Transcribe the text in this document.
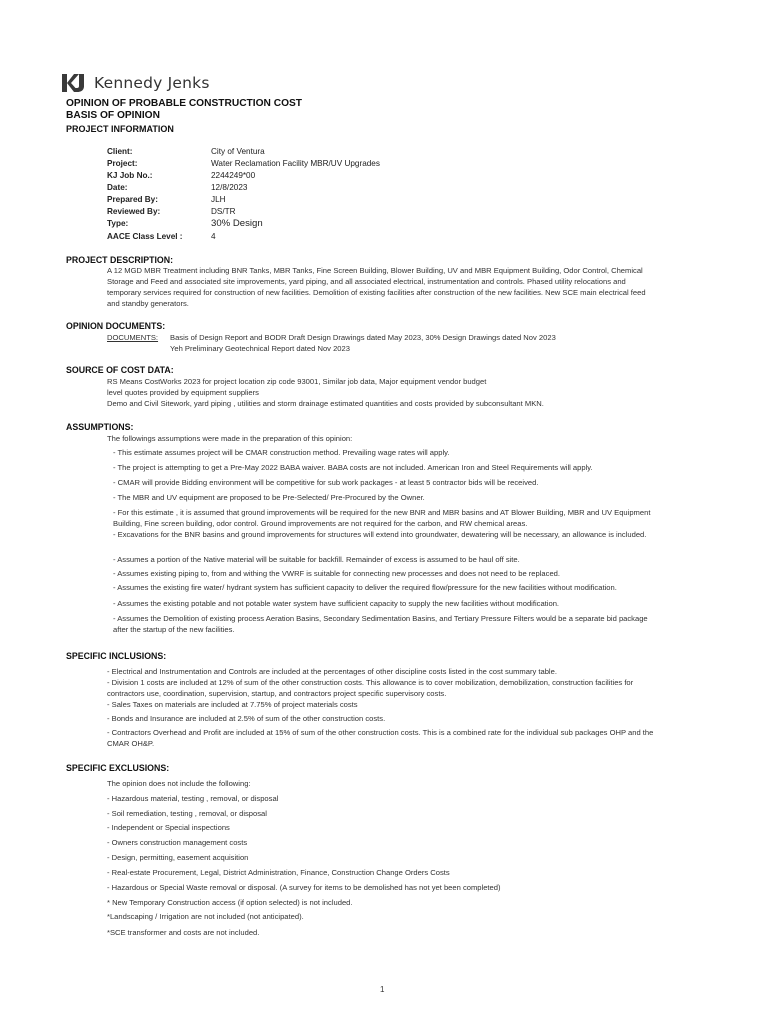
Kennedy Jenks
OPINION OF PROBABLE CONSTRUCTION COST
BASIS OF OPINION
PROJECT INFORMATION
Client:	City of Ventura
Project:	Water Reclamation Facility MBR/UV Upgrades
KJ Job No.:	2244249*00
Date:	12/8/2023
Prepared By:	JLH
Reviewed By:	DS/TR
Type:	30% Design
AACE Class Level :	4
PROJECT DESCRIPTION:
A 12 MGD MBR Treatment including BNR Tanks, MBR Tanks, Fine Screen Building, Blower Building, UV and MBR Equipment Building, Odor Control, Chemical
Storage and Feed and associated site improvements, yard piping, and all associated electrical, instrumentation and controls. Phased utility relocations and
temporary services required for construction of new facilities. Demolition of existing facilities after construction of the new facilities. New SCE main electrical feed
and standby generators.
OPINION DOCUMENTS:
DOCUMENTS: Basis of Design Report and BODR Draft Design Drawings dated May 2023, 30% Design Drawings dated Nov 2023
Yeh Preliminary Geotechnical Report dated Nov 2023
SOURCE OF COST DATA:
RS Means CostWorks 2023 for project location zip code 93001, Similar job data, Major equipment vendor budget
level quotes provided by equipment suppliers
Demo and Civil Sitework, yard piping , utilities and storm drainage estimated quantities and costs provided by subconsultant MKN.
ASSUMPTIONS:
The followings assumptions were made in the preparation of this opinion:
- This estimate assumes project will be CMAR construction method. Prevailing wage rates will apply.
- The project is attempting to get a Pre-May 2022 BABA waiver. BABA costs are not included. American Iron and Steel Requirements will apply.
- CMAR will provide Bidding environment will be competitive for sub work packages - at least 5 contractor bids will be received.
- The MBR and UV equipment are proposed to be Pre-Selected/ Pre-Procured by the Owner.
- For this estimate , it is assumed that ground improvements will be required for the new BNR and MBR basins and AT Blower Building, MBR and UV Equipment
Building, Fine screen building, odor control. Ground improvements are not required for the carbon, and RW chemical areas.
- Excavations for the BNR basins and ground improvements for structures will extend into groundwater, dewatering will be necessary, an allowance is included.
- Assumes a portion of the Native material will be suitable for backfill. Remainder of excess is assumed to be haul off site.
- Assumes existing piping to, from and withing the VWRF is suitable for connecting new processes and does not need to be replaced.
- Assumes the existing fire water/ hydrant system has sufficient capacity to deliver the required flow/pressure for the new facilities without modification.
- Assumes the existing potable and not potable water system have sufficient capacity to supply the new facilities without modification.
- Assumes the Demolition of existing process Aeration Basins, Secondary Sedimentation Basins, and Tertiary Pressure Filters would be a separate bid package
after the startup of the new facilities.
SPECIFIC INCLUSIONS:
- Electrical and Instrumentation and Controls are included at the percentages of other discipline costs listed in the cost summary table.
- Division 1 costs are included at 12% of sum of the other construction costs. This allowance is to cover mobilization, demobilization, construction facilities for
contractors use, coordination, supervision, startup, and contractors project specific supervisory costs.
- Sales Taxes on materials are included at 7.75% of project materials costs
- Bonds and Insurance are included at 2.5% of sum of the other construction costs.
- Contractors Overhead and Profit are included at 15% of sum of the other construction costs. This is a combined rate for the individual sub packages OHP and the
CMAR OH&P.
SPECIFIC EXCLUSIONS:
The opinion does not include the following:
- Hazardous material, testing , removal, or disposal
- Soil remediation, testing , removal, or disposal
- Independent or Special inspections
- Owners construction management costs
- Design, permitting, easement acquisition
- Real-estate Procurement, Legal, District Administration, Finance, Construction Change Orders Costs
- Hazardous or Special Waste removal or disposal. (A survey for items to be demolished has not yet been completed)
* New Temporary Construction access (if option selected) is not included.
*Landscaping / Irrigation are not included (not anticipated).
*SCE transformer and costs are not included.
1
